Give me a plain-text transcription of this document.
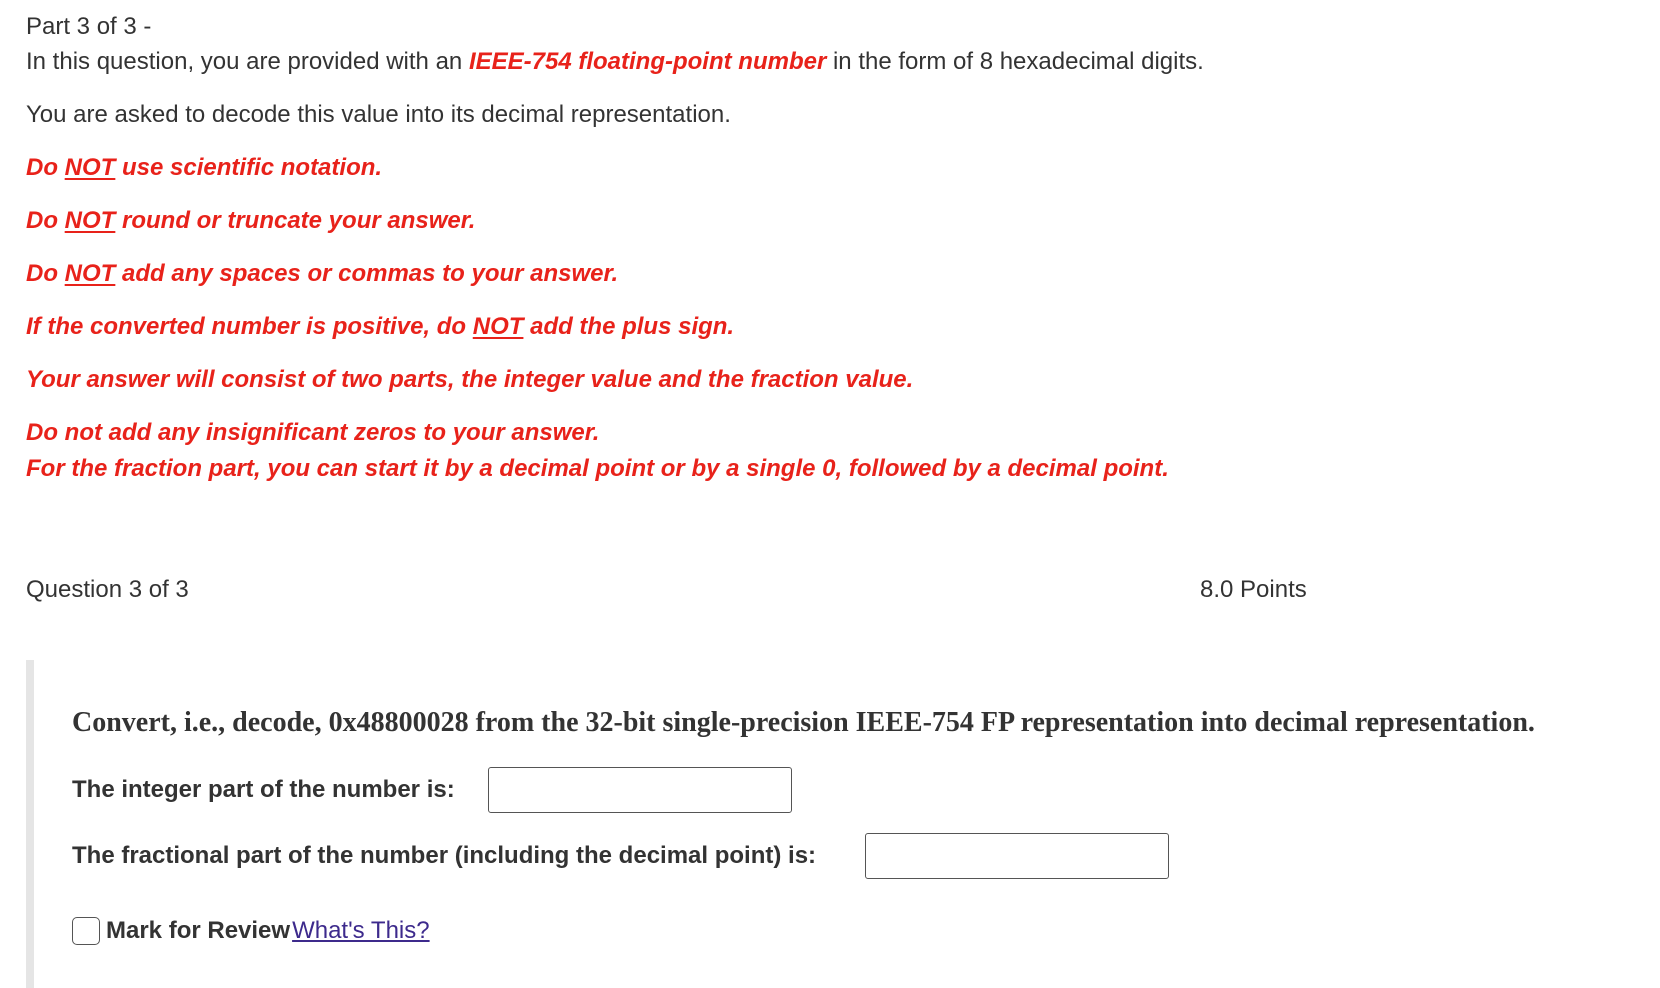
Part 3 of 3 -
In this question, you are provided with an IEEE-754 floating-point number in the form of 8 hexadecimal digits.
You are asked to decode this value into its decimal representation.
Do NOT use scientific notation.
Do NOT round or truncate your answer.
Do NOT add any spaces or commas to your answer.
If the converted number is positive, do NOT add the plus sign.
Your answer will consist of two parts, the integer value and the fraction value.
Do not add any insignificant zeros to your answer.
For the fraction part, you can start it by a decimal point or by a single 0, followed by a decimal point.
Question 3 of 3	8.0 Points
Convert, i.e., decode, 0x48800028 from the 32-bit single-precision IEEE-754 FP representation into decimal representation.
The integer part of the number is:
The fractional part of the number (including the decimal point) is:
Mark for Review What's This?
